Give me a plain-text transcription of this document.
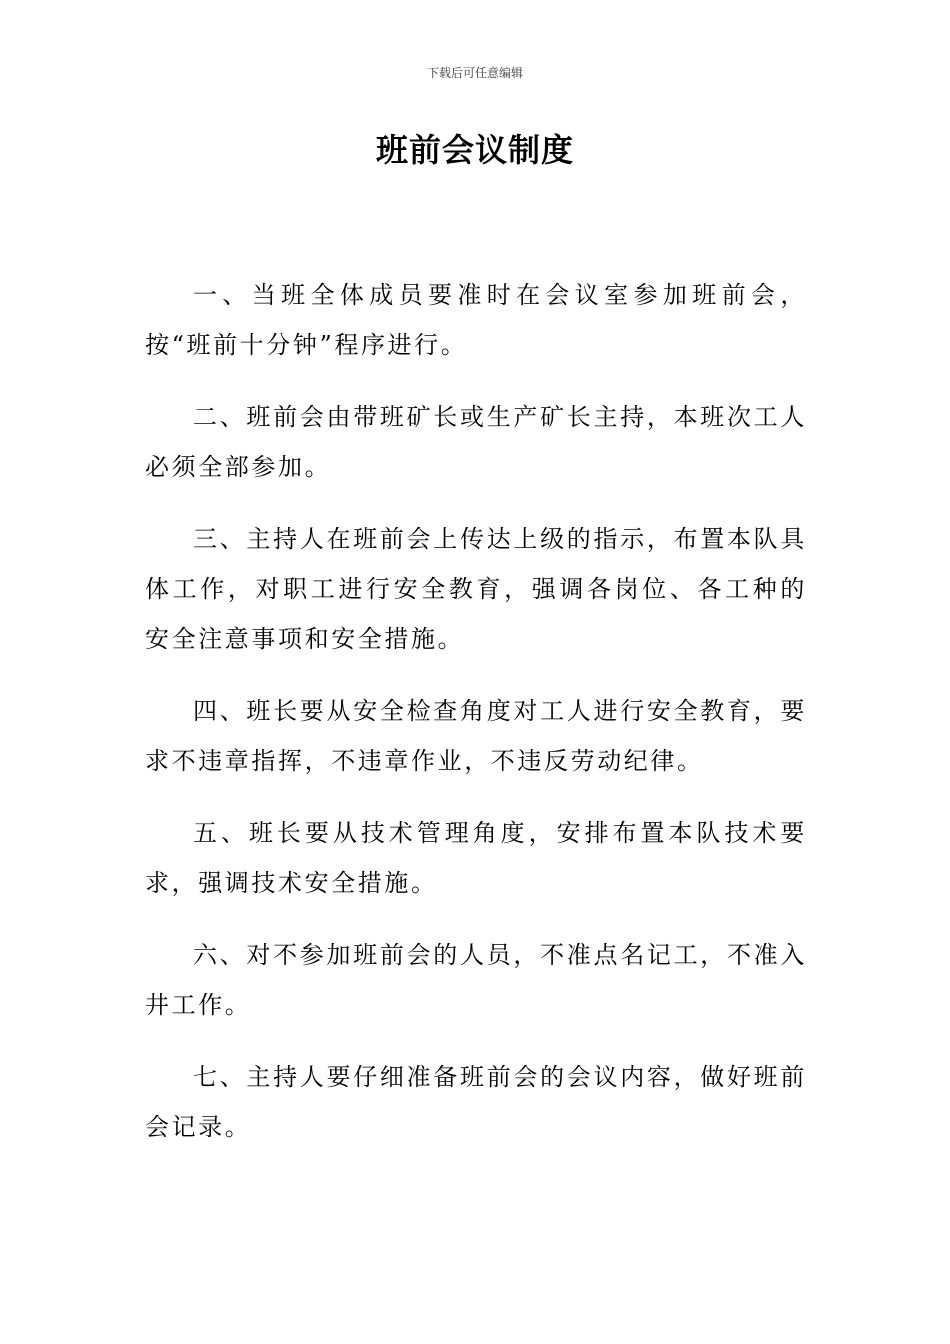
下载后可任意编辑
班前会议制度

一、当班全体成员要准时在会议室参加班前会，按“班前十分钟”程序进行。

二、班前会由带班矿长或生产矿长主持，本班次工人必须全部参加。

三、主持人在班前会上传达上级的指示，布置本队具体工作，对职工进行安全教育，强调各岗位、各工种的安全注意事项和安全措施。

四、班长要从安全检查角度对工人进行安全教育，要求不违章指挥，不违章作业，不违反劳动纪律。

五、班长要从技术管理角度，安排布置本队技术要求，强调技术安全措施。

六、对不参加班前会的人员，不准点名记工，不准入井工作。

七、主持人要仔细准备班前会的会议内容，做好班前会记录。
